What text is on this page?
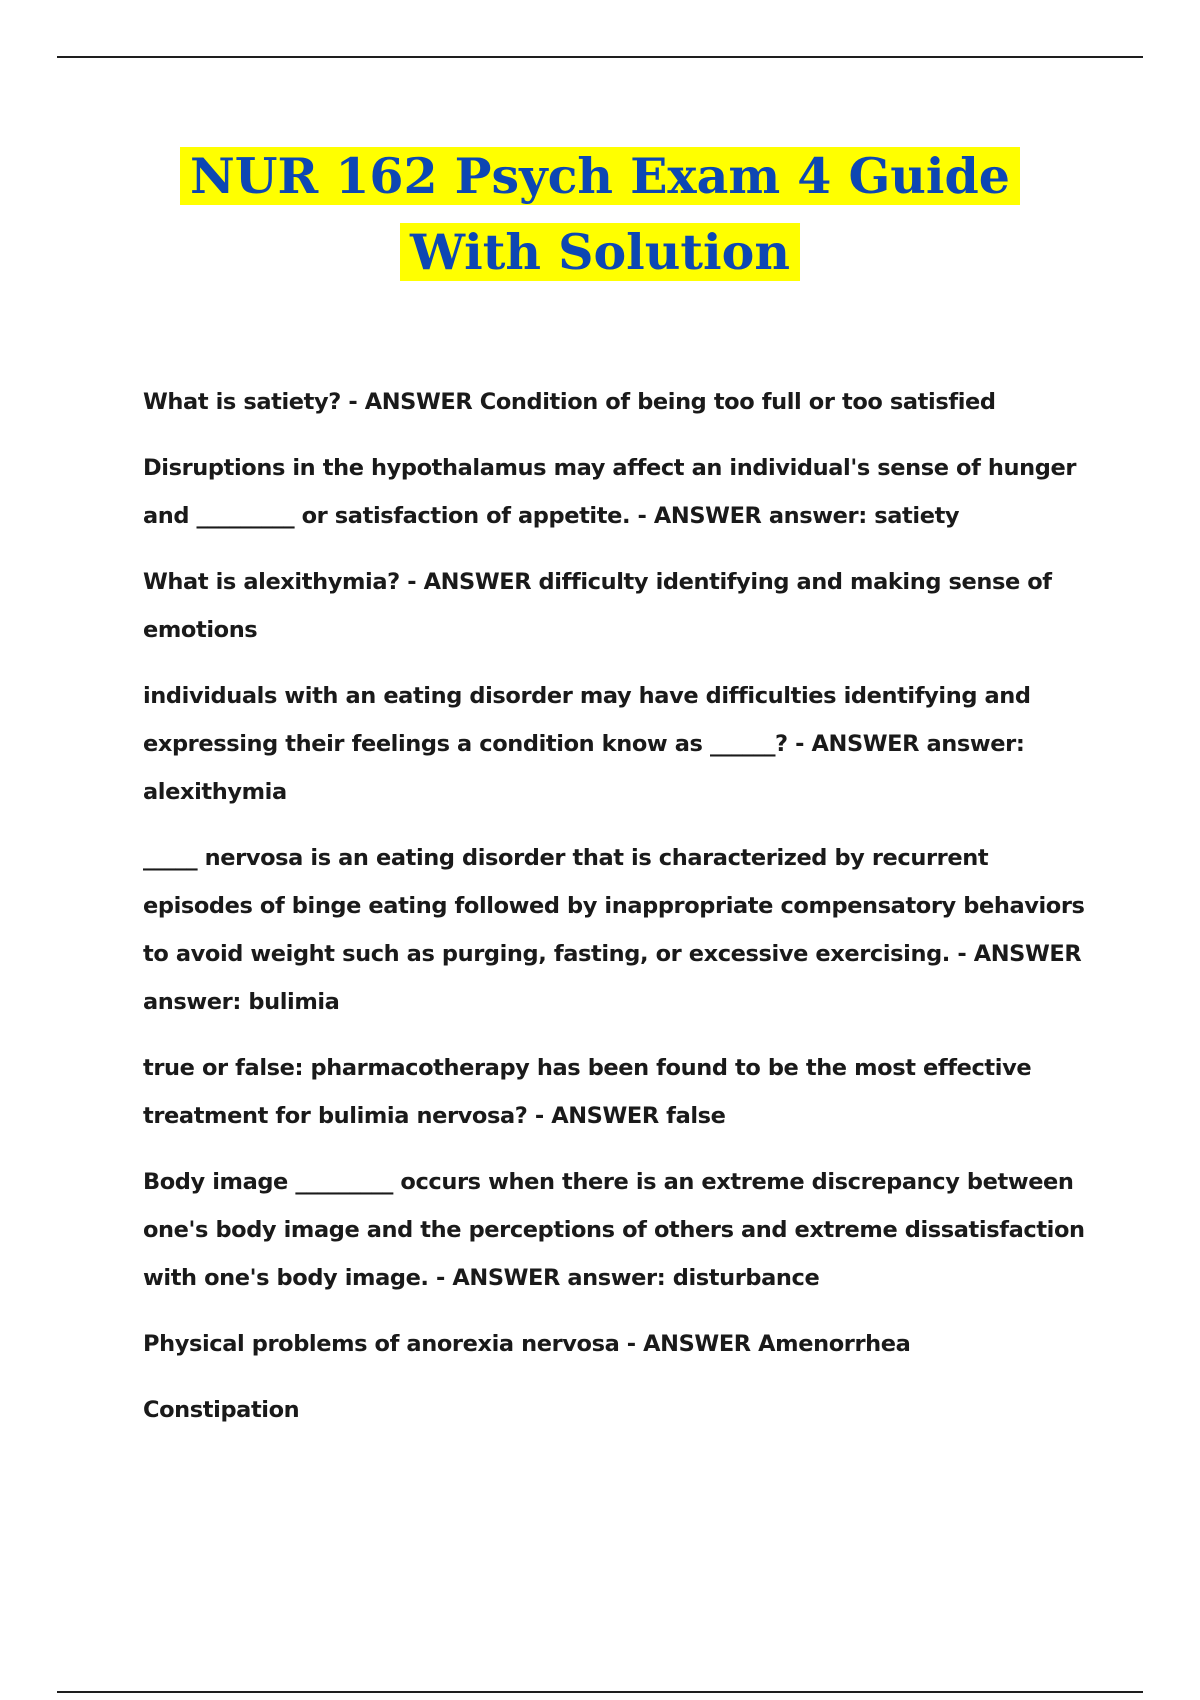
NUR 162 Psych Exam 4 Guide
With Solution

What is satiety? - ANSWER Condition of being too full or too satisfied

Disruptions in the hypothalamus may affect an individual's sense of hunger and _________ or satisfaction of appetite. - ANSWER answer: satiety

What is alexithymia? - ANSWER difficulty identifying and making sense of emotions

individuals with an eating disorder may have difficulties identifying and expressing their feelings a condition know as ______? - ANSWER answer: alexithymia

_____ nervosa is an eating disorder that is characterized by recurrent episodes of binge eating followed by inappropriate compensatory behaviors to avoid weight such as purging, fasting, or excessive exercising. - ANSWER answer: bulimia

true or false: pharmacotherapy has been found to be the most effective treatment for bulimia nervosa? - ANSWER false

Body image _________ occurs when there is an extreme discrepancy between one's body image and the perceptions of others and extreme dissatisfaction with one's body image. - ANSWER answer: disturbance

Physical problems of anorexia nervosa - ANSWER Amenorrhea

Constipation
